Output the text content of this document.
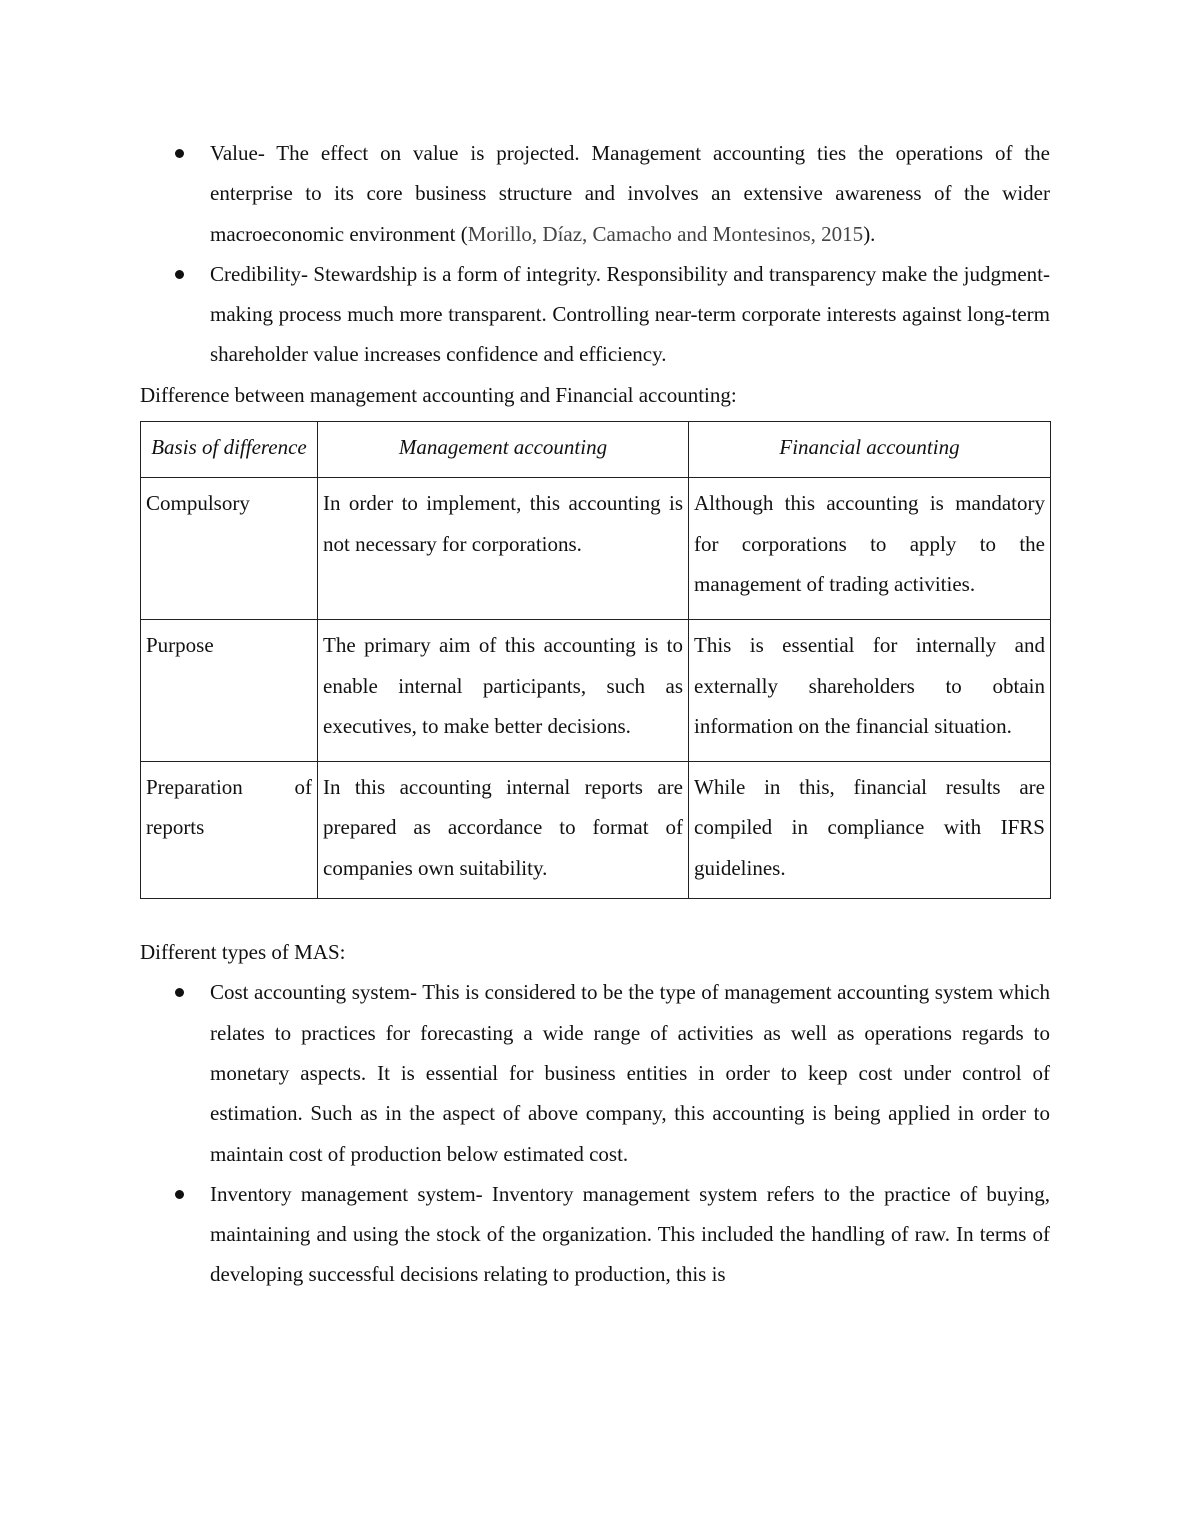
Value- The effect on value is projected. Management accounting ties the operations of the enterprise to its core business structure and involves an extensive awareness of the wider macroeconomic environment (Morillo, Díaz, Camacho and Montesinos, 2015).
Credibility- Stewardship is a form of integrity. Responsibility and transparency make the judgment-making process much more transparent. Controlling near-term corporate interests against long-term shareholder value increases confidence and efficiency.

Difference between management accounting and Financial accounting:

Basis of difference	Management accounting	Financial accounting
Compulsory	In order to implement, this accounting is not necessary for corporations.	Although this accounting is mandatory for corporations to apply to the management of trading activities.
Purpose	The primary aim of this accounting is to enable internal participants, such as executives, to make better decisions.	This is essential for internally and externally shareholders to obtain information on the financial situation.
Preparation of reports	In this accounting internal reports are prepared as accordance to format of companies own suitability.	While in this, financial results are compiled in compliance with IFRS guidelines.

Different types of MAS:

Cost accounting system- This is considered to be the type of management accounting system which relates to practices for forecasting a wide range of activities as well as operations regards to monetary aspects. It is essential for business entities in order to keep cost under control of estimation. Such as in the aspect of above company, this accounting is being applied in order to maintain cost of production below estimated cost.
Inventory management system- Inventory management system refers to the practice of buying, maintaining and using the stock of the organization. This included the handling of raw. In terms of developing successful decisions relating to production, this is
